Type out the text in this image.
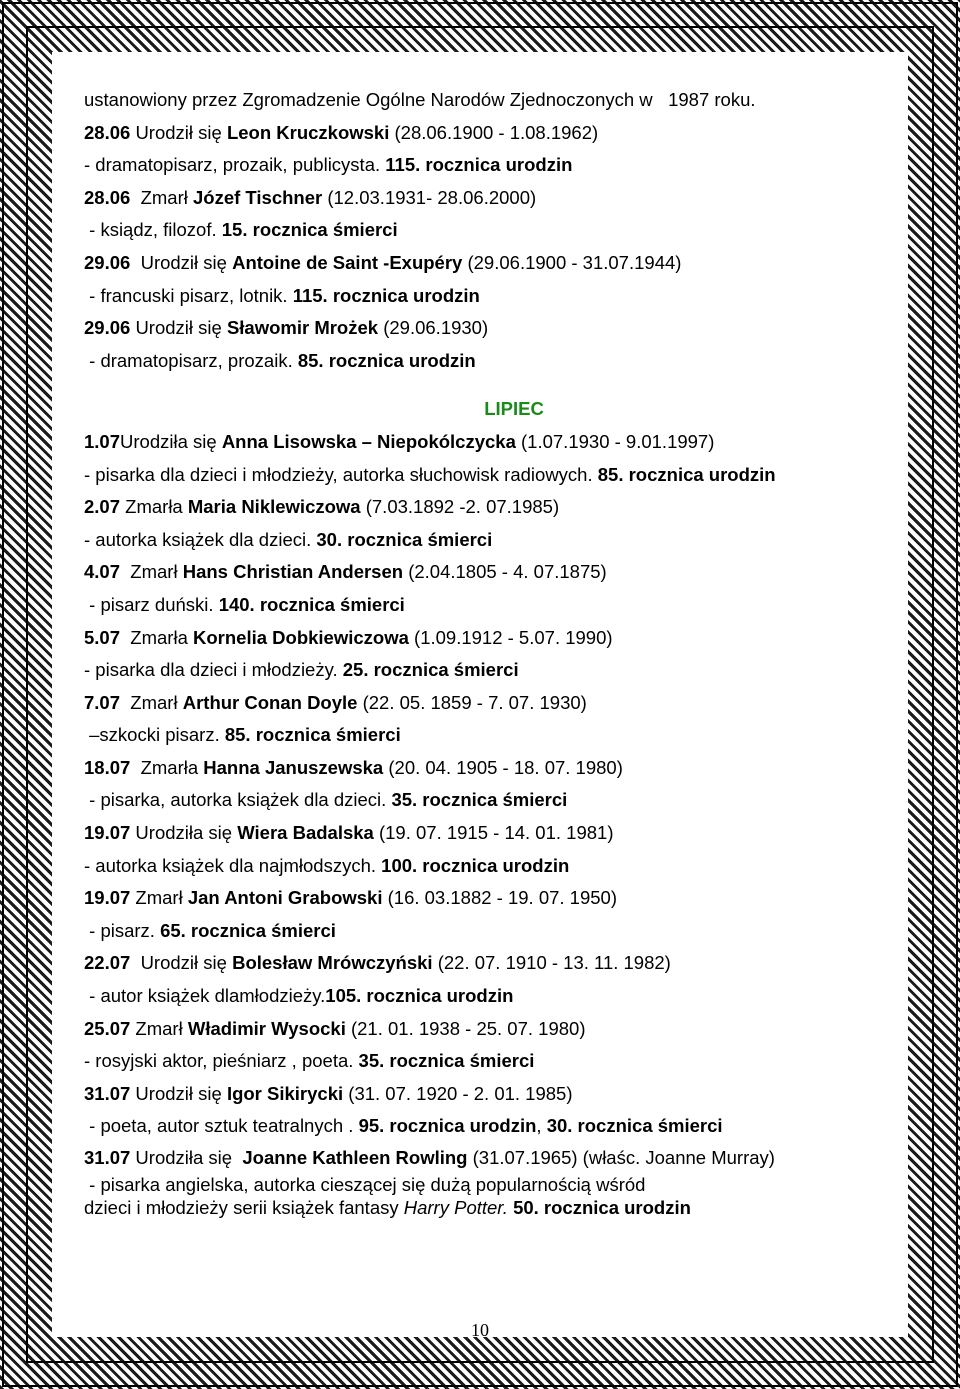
ustanowiony przez Zgromadzenie Ogólne Narodów Zjednoczonych w   1987 roku.
28.06 Urodził się Leon Kruczkowski (28.06.1900 - 1.08.1962)
- dramatopisarz, prozaik, publicysta. 115. rocznica urodzin
28.06  Zmarł Józef Tischner (12.03.1931- 28.06.2000)
- ksiądz, filozof. 15. rocznica śmierci
29.06  Urodził się Antoine de Saint -Exupéry (29.06.1900 - 31.07.1944)
- francuski pisarz, lotnik. 115. rocznica urodzin
29.06 Urodził się Sławomir Mrożek (29.06.1930)
- dramatopisarz, prozaik. 85. rocznica urodzin
LIPIEC
1.07Urodziła się Anna Lisowska – Niepokólczycka (1.07.1930 - 9.01.1997)
- pisarka dla dzieci i młodzieży, autorka słuchowisk radiowych. 85. rocznica urodzin
2.07 Zmarła Maria Niklewiczowa (7.03.1892 -2. 07.1985)
- autorka książek dla dzieci. 30. rocznica śmierci
4.07  Zmarł Hans Christian Andersen (2.04.1805 - 4. 07.1875)
- pisarz duński. 140. rocznica śmierci
5.07  Zmarła Kornelia Dobkiewiczowa (1.09.1912 - 5.07. 1990)
- pisarka dla dzieci i młodzieży. 25. rocznica śmierci
7.07  Zmarł Arthur Conan Doyle (22. 05. 1859 - 7. 07. 1930)
–szkocki pisarz. 85. rocznica śmierci
18.07  Zmarła Hanna Januszewska (20. 04. 1905 - 18. 07. 1980)
- pisarka, autorka książek dla dzieci. 35. rocznica śmierci
19.07 Urodziła się Wiera Badalska (19. 07. 1915 - 14. 01. 1981)
- autorka książek dla najmłodszych. 100. rocznica urodzin
19.07 Zmarł Jan Antoni Grabowski (16. 03.1882 - 19. 07. 1950)
- pisarz. 65. rocznica śmierci
22.07  Urodził się Bolesław Mrówczyński (22. 07. 1910 - 13. 11. 1982)
- autor książek dlamłodzieży.105. rocznica urodzin
25.07 Zmarł Władimir Wysocki (21. 01. 1938 - 25. 07. 1980)
- rosyjski aktor, pieśniarz , poeta. 35. rocznica śmierci
31.07 Urodził się Igor Sikirycki (31. 07. 1920 - 2. 01. 1985)
- poeta, autor sztuk teatralnych . 95. rocznica urodzin, 30. rocznica śmierci
31.07 Urodziła się  Joanne Kathleen Rowling (31.07.1965) (właśc. Joanne Murray)
- pisarka angielska, autorka cieszącej się dużą popularnością wśród
dzieci i młodzieży serii książek fantasy Harry Potter. 50. rocznica urodzin
10
